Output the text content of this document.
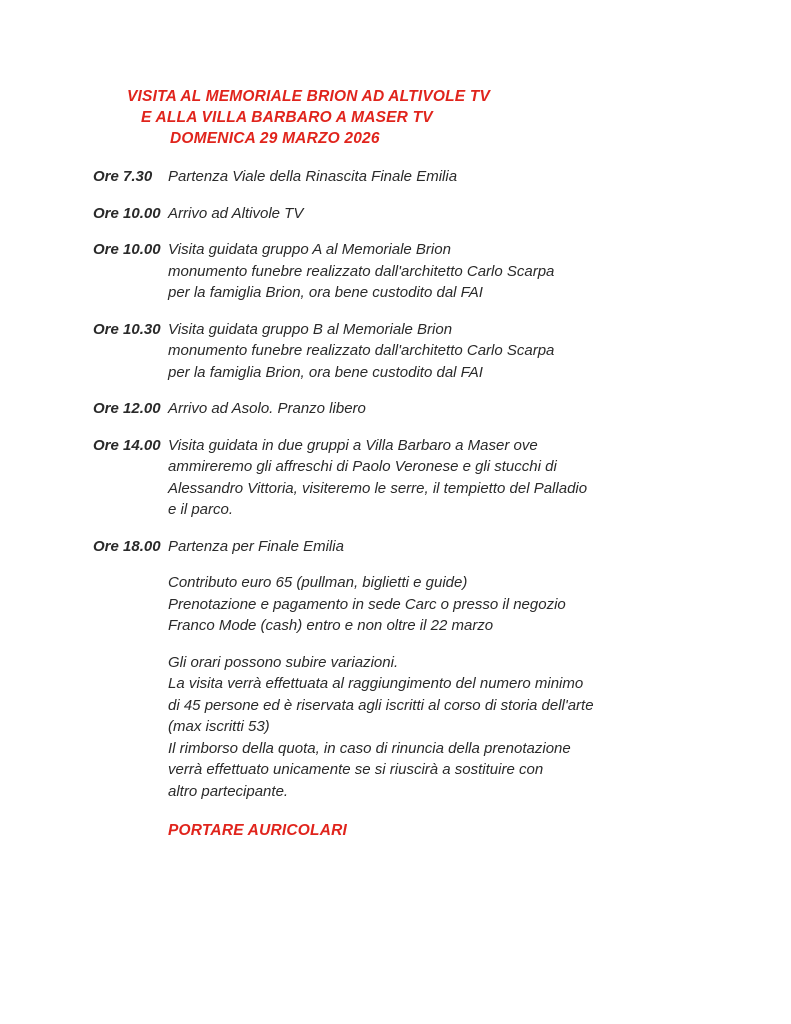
VISITA AL MEMORIALE BRION AD ALTIVOLE TV
E ALLA VILLA BARBARO A MASER TV
DOMENICA 29 MARZO 2026
Ore 7.30	Partenza Viale della Rinascita Finale Emilia
Ore 10.00 Arrivo ad Altivole TV
Ore 10.00 Visita guidata gruppo A al Memoriale Brion
monumento funebre realizzato dall'architetto Carlo Scarpa
per la famiglia Brion, ora bene custodito dal FAI
Ore 10.30 Visita guidata gruppo B al Memoriale Brion
monumento funebre realizzato dall'architetto Carlo Scarpa
per la famiglia Brion, ora bene custodito dal FAI
Ore 12.00 Arrivo ad Asolo. Pranzo libero
Ore 14.00 Visita guidata in due gruppi a Villa Barbaro a Maser ove
ammireremo gli affreschi di Paolo Veronese e gli stucchi di
Alessandro Vittoria, visiteremo le serre, il tempietto del Palladio
e il parco.
Ore 18.00 Partenza per Finale Emilia
Contributo euro 65 (pullman, biglietti e guide)
Prenotazione e pagamento in sede Carc o presso il negozio
Franco Mode (cash) entro e non oltre il 22 marzo
Gli orari possono subire variazioni.
La visita verrà effettuata al raggiungimento del numero minimo
di 45 persone ed è riservata agli iscritti al corso di storia dell'arte
(max iscritti 53)
Il rimborso della quota, in caso di rinuncia della prenotazione
verrà effettuato unicamente se si riuscirà a sostituire con
altro partecipante.
PORTARE AURICOLARI
